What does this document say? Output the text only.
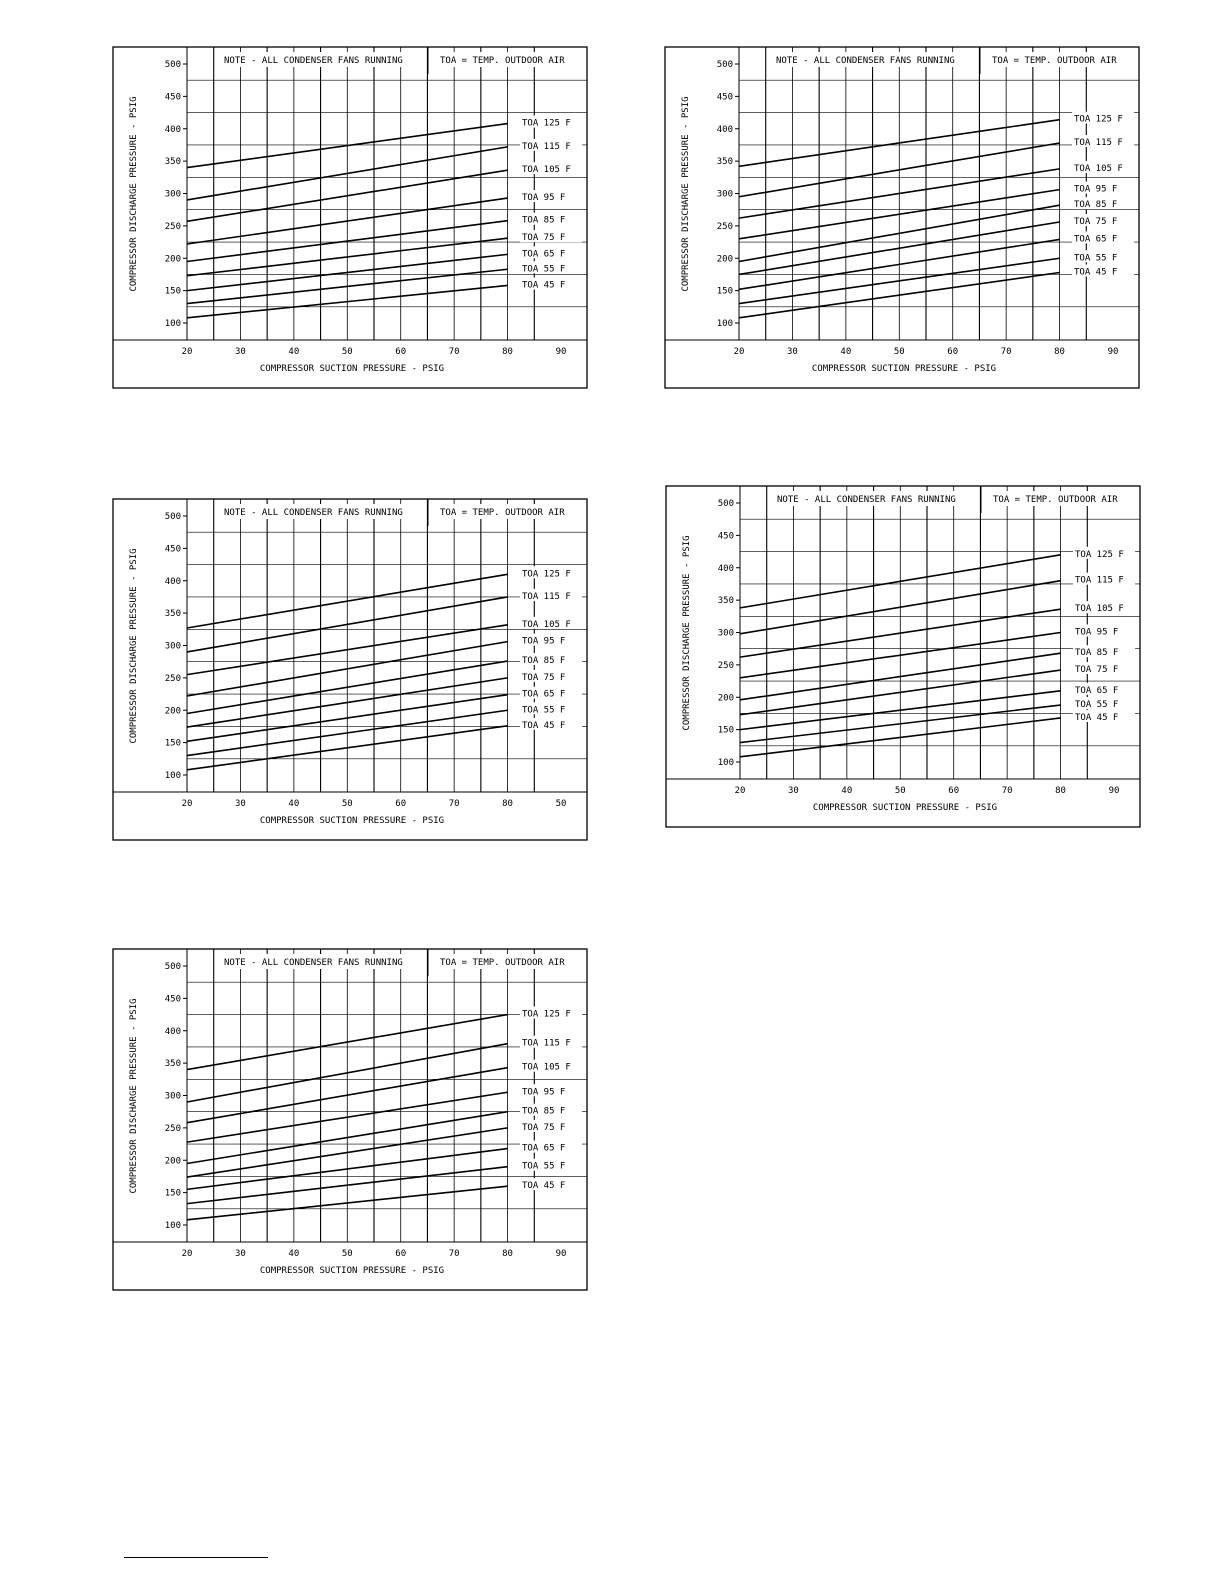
NOTE - ALL CONDENSER FANS RUNNING	TOA = TEMP. OUTDOOR AIR
100
150
200
250
300
350
400
450
500
20	30	40	50	60	70	80	90
COMPRESSOR SUCTION PRESSURE - PSIG
COMPRESSOR DISCHARGE PRESSURE - PSIG	TOA 125 F
TOA 115 F
TOA 105 F
TOA 95 F
TOA 85 F
TOA 75 F
TOA 65 F
TOA 55 F
TOA 45 F
NOTE - ALL CONDENSER FANS RUNNING	TOA = TEMP. OUTDOOR AIR
100
150
200
250
300
350
400
450
500
20	30	40	50	60	70	80	90
COMPRESSOR SUCTION PRESSURE - PSIG
COMPRESSOR DISCHARGE PRESSURE - PSIG	TOA 125 F
TOA 115 F
TOA 105 F
TOA 95 F
TOA 85 F
TOA 75 F
TOA 65 F
TOA 55 F
TOA 45 F
NOTE - ALL CONDENSER FANS RUNNING	TOA = TEMP. OUTDOOR AIR
100
150
200
250
300
350
400
450
500
20	30	40	50	60	70	80	50
COMPRESSOR SUCTION PRESSURE - PSIG
COMPRESSOR DISCHARGE PRESSURE - PSIG	TOA 125 F
TOA 115 F
TOA 105 F
TOA 95 F
TOA 85 F
TOA 75 F
TOA 65 F
TOA 55 F
TOA 45 F
NOTE - ALL CONDENSER FANS RUNNING	TOA = TEMP. OUTDOOR AIR
100
150
200
250
300
350
400
450
500
20	30	40	50	60	70	80	90
COMPRESSOR SUCTION PRESSURE - PSIG
COMPRESSOR DISCHARGE PRESSURE - PSIG	TOA 125 F
TOA 115 F
TOA 105 F
TOA 95 F
TOA 85 F
TOA 75 F
TOA 65 F
TOA 55 F
TOA 45 F
NOTE - ALL CONDENSER FANS RUNNING	TOA = TEMP. OUTDOOR AIR
100
150
200
250
300
350
400
450
500
20	30	40	50	60	70	80	90
COMPRESSOR SUCTION PRESSURE - PSIG
COMPRESSOR DISCHARGE PRESSURE - PSIG	TOA 125 F
TOA 115 F
TOA 105 F
TOA 95 F
TOA 85 F
TOA 75 F
TOA 65 F
TOA 55 F
TOA 45 F
